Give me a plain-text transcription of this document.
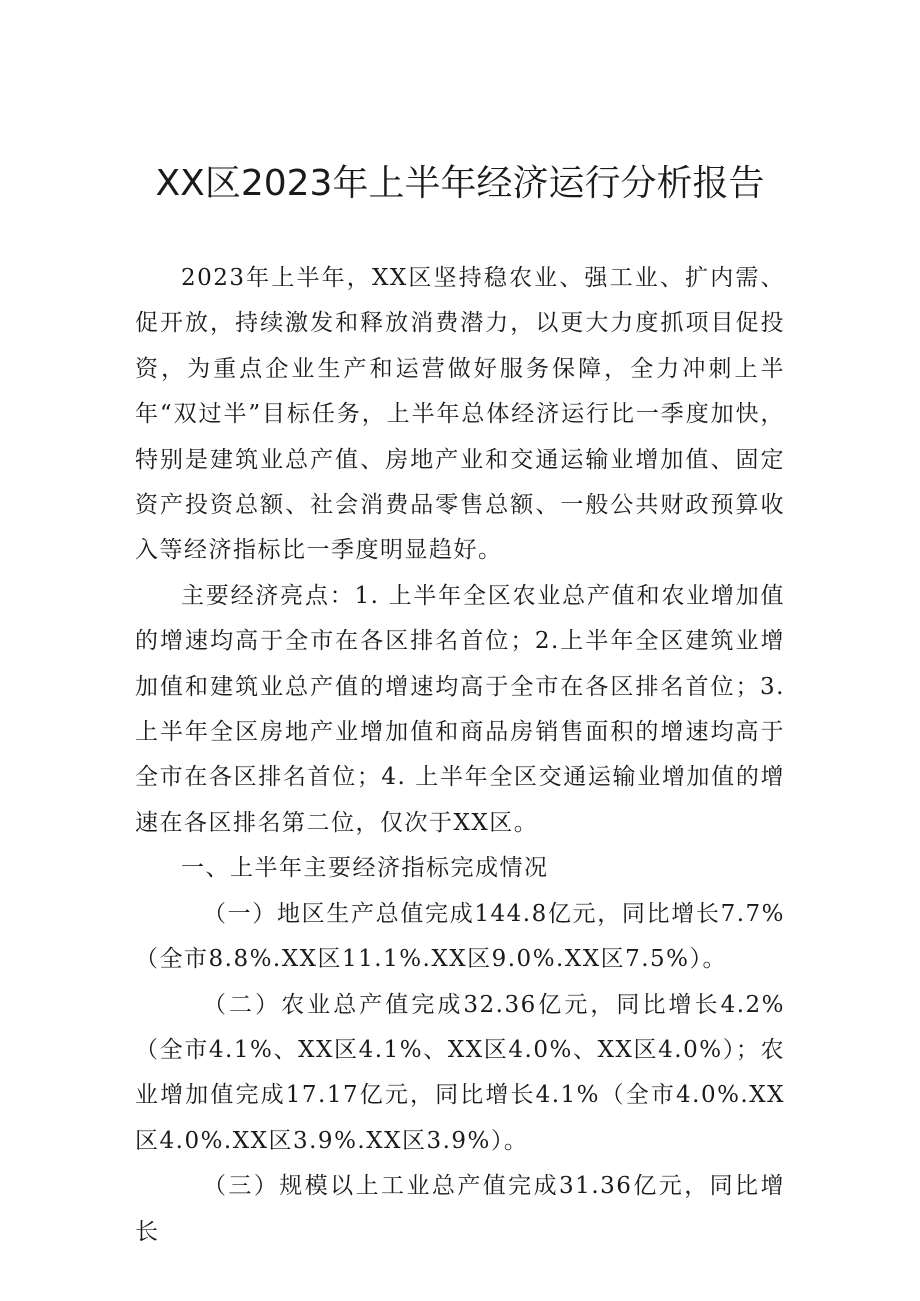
XX区2023年上半年经济运行分析报告

2023年上半年，XX区坚持稳农业、强工业、扩内需、促开放，持续激发和释放消费潜力，以更大力度抓项目促投资，为重点企业生产和运营做好服务保障，全力冲刺上半年“双过半”目标任务，上半年总体经济运行比一季度加快，特别是建筑业总产值、房地产业和交通运输业增加值、固定资产投资总额、社会消费品零售总额、一般公共财政预算收入等经济指标比一季度明显趋好。

主要经济亮点：1. 上半年全区农业总产值和农业增加值的增速均高于全市在各区排名首位；2.上半年全区建筑业增加值和建筑业总产值的增速均高于全市在各区排名首位；3.上半年全区房地产业增加值和商品房销售面积的增速均高于全市在各区排名首位；4. 上半年全区交通运输业增加值的增速在各区排名第二位，仅次于XX区。

一、上半年主要经济指标完成情况

（一）地区生产总值完成144.8亿元，同比增长7.7%（全市8.8%.XX区11.1%.XX区9.0%.XX区7.5%）。

（二）农业总产值完成32.36亿元，同比增长4.2%（全市4.1%、XX区4.1%、XX区4.0%、XX区4.0%）；农业增加值完成17.17亿元，同比增长4.1%（全市4.0%.XX区4.0%.XX区3.9%.XX区3.9%）。

（三）规模以上工业总产值完成31.36亿元，同比增长
